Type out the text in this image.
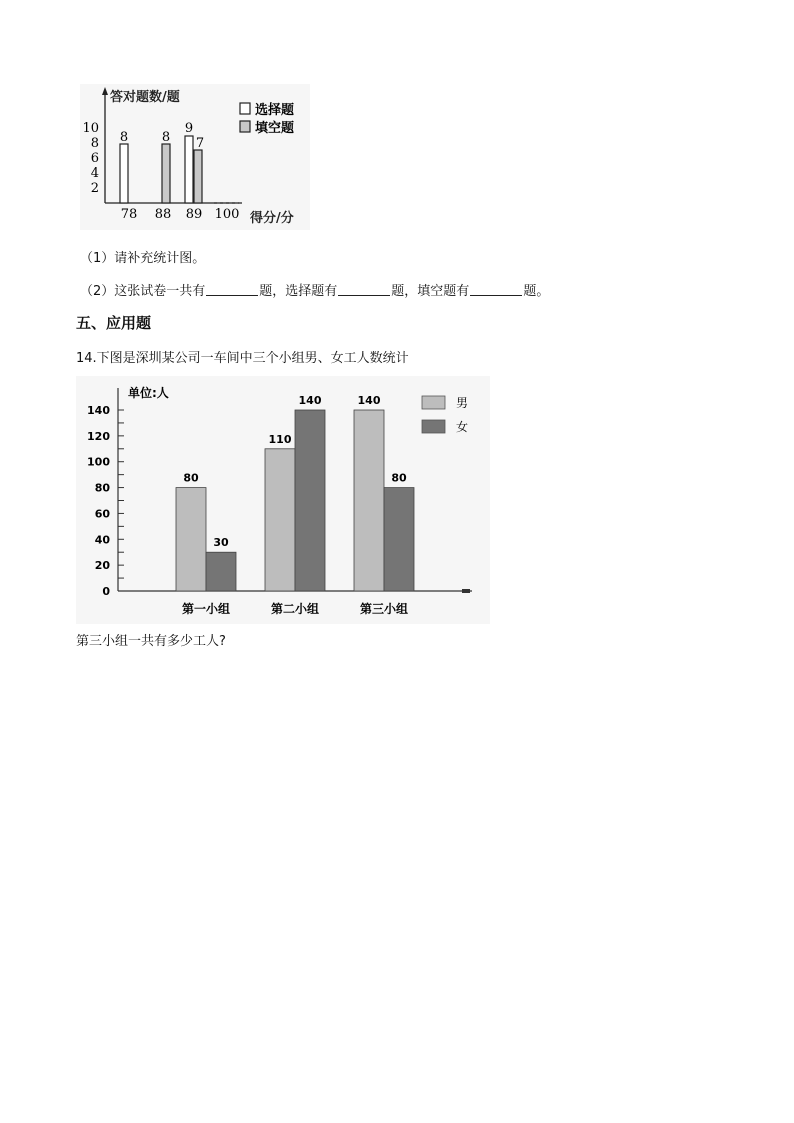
答对题数/题
得分/分
10
8
6
4
2
8	8
9
7
78 88 89 100
选择题
填空题
（1）请补充统计图。
（2）这张试卷一共有	题，选择题有	题，填空题有	题。
五、应用题
14.下图是深圳某公司一车间中三个小组男、女工人数统计
单位:人
140
120
100
80
60
40
20
0
80
30
110
140	140
80
第一小组	第二小组	第三小组
男
女
第三小组一共有多少工人?
